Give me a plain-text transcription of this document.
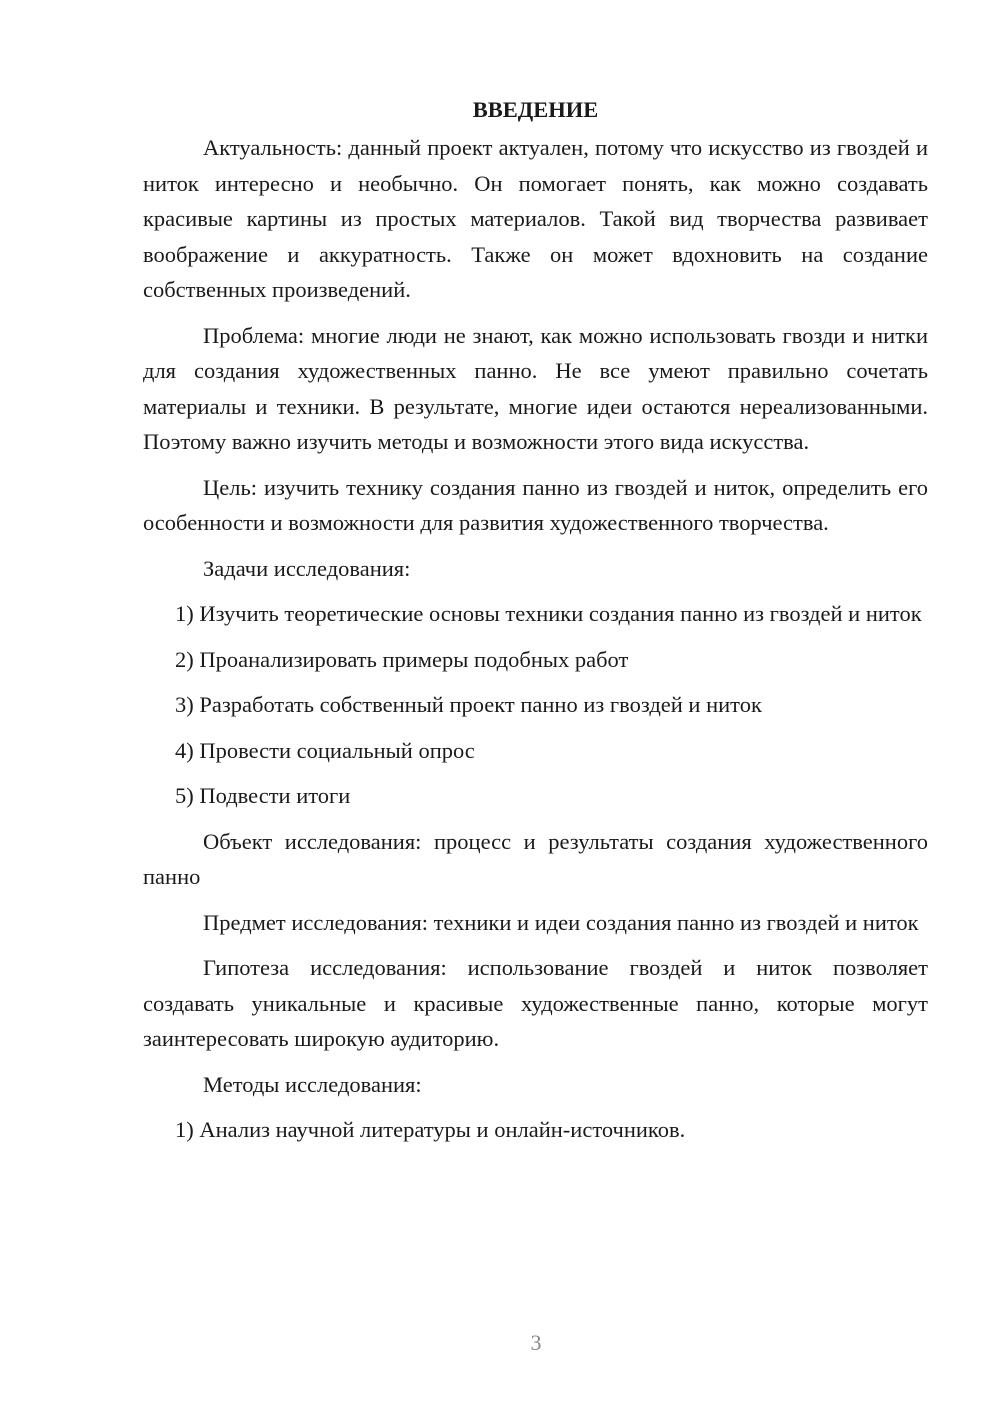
ВВЕДЕНИЕ

Актуальность: данный проект актуален, потому что искусство из гвоздей и ниток интересно и необычно. Он помогает понять, как можно создавать красивые картины из простых материалов. Такой вид творчества развивает воображение и аккуратность. Также он может вдохновить на создание собственных произведений.

Проблема: многие люди не знают, как можно использовать гвозди и нитки для создания художественных панно. Не все умеют правильно сочетать материалы и техники. В результате, многие идеи остаются нереализованными. Поэтому важно изучить методы и возможности этого вида искусства.

Цель: изучить технику создания панно из гвоздей и ниток, определить его особенности и возможности для развития художественного творчества.

Задачи исследования:

1) Изучить теоретические основы техники создания панно из гвоздей и ниток

2) Проанализировать примеры подобных работ

3) Разработать собственный проект панно из гвоздей и ниток

4) Провести социальный опрос

5) Подвести итоги

Объект исследования: процесс и результаты создания художественного панно

Предмет исследования: техники и идеи создания панно из гвоздей и ниток

Гипотеза исследования: использование гвоздей и ниток позволяет создавать уникальные и красивые художественные панно, которые могут заинтересовать широкую аудиторию.

Методы исследования:

1) Анализ научной литературы и онлайн-источников.

3
